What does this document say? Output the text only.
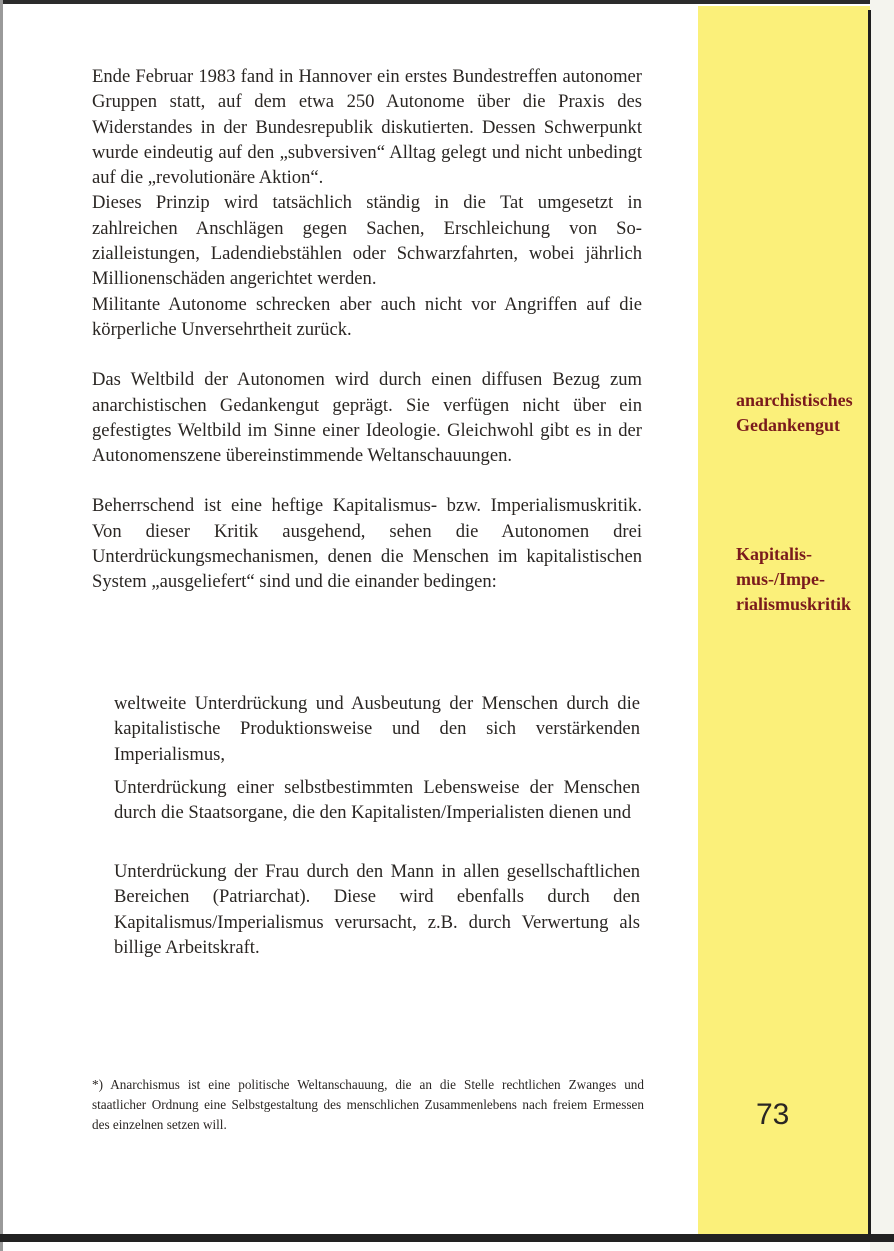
Ende Februar 1983 fand in Hannover ein erstes Bundestreffen autonomer Gruppen statt, auf dem etwa 250 Autonome über die Praxis des Widerstandes in der Bundesrepublik diskutierten. Dessen Schwerpunkt wurde eindeutig auf den „subversiven“ Alltag gelegt und nicht unbedingt auf die „revolutionäre Aktion“.

Dieses Prinzip wird tatsächlich ständig in die Tat umgesetzt in zahlreichen Anschlägen gegen Sachen, Erschleichung von Sozialleistungen, Ladendiebstählen oder Schwarzfahrten, wobei jährlich Millionenschäden angerichtet werden.

Militante Autonome schrecken aber auch nicht vor Angriffen auf die körperliche Unversehrtheit zurück.

Das Weltbild der Autonomen wird durch einen diffusen Bezug zum anarchistischen Gedankengut geprägt. Sie verfügen nicht über ein gefestigtes Weltbild im Sinne einer Ideologie. Gleichwohl gibt es in der Autonomenszene übereinstimmende Weltanschauungen.

Beherrschend ist eine heftige Kapitalismus- bzw. Imperialismuskritik. Von dieser Kritik ausgehend, sehen die Autonomen drei Unterdrückungsmechanismen, denen die Menschen im kapitalistischen System „ausgeliefert“ sind und die einander bedingen:

weltweite Unterdrückung und Ausbeutung der Menschen durch die kapitalistische Produktionsweise und den sich verstärkenden Imperialismus,

Unterdrückung einer selbstbestimmten Lebensweise der Menschen durch die Staatsorgane, die den Kapitalisten/Imperialisten dienen und

Unterdrückung der Frau durch den Mann in allen gesellschaftlichen Bereichen (Patriarchat). Diese wird ebenfalls durch den Kapitalismus/Imperialismus verursacht, z.B. durch Verwertung als billige Arbeitskraft.

anarchistisches Gedankengut
Kapitalismus-/Imperialismuskritik
*) Anarchismus ist eine politische Weltanschauung, die an die Stelle rechtlichen Zwanges und staatlicher Ordnung eine Selbstgestaltung des menschlichen Zusammenlebens nach freiem Ermessen des einzelnen setzen will.	73
